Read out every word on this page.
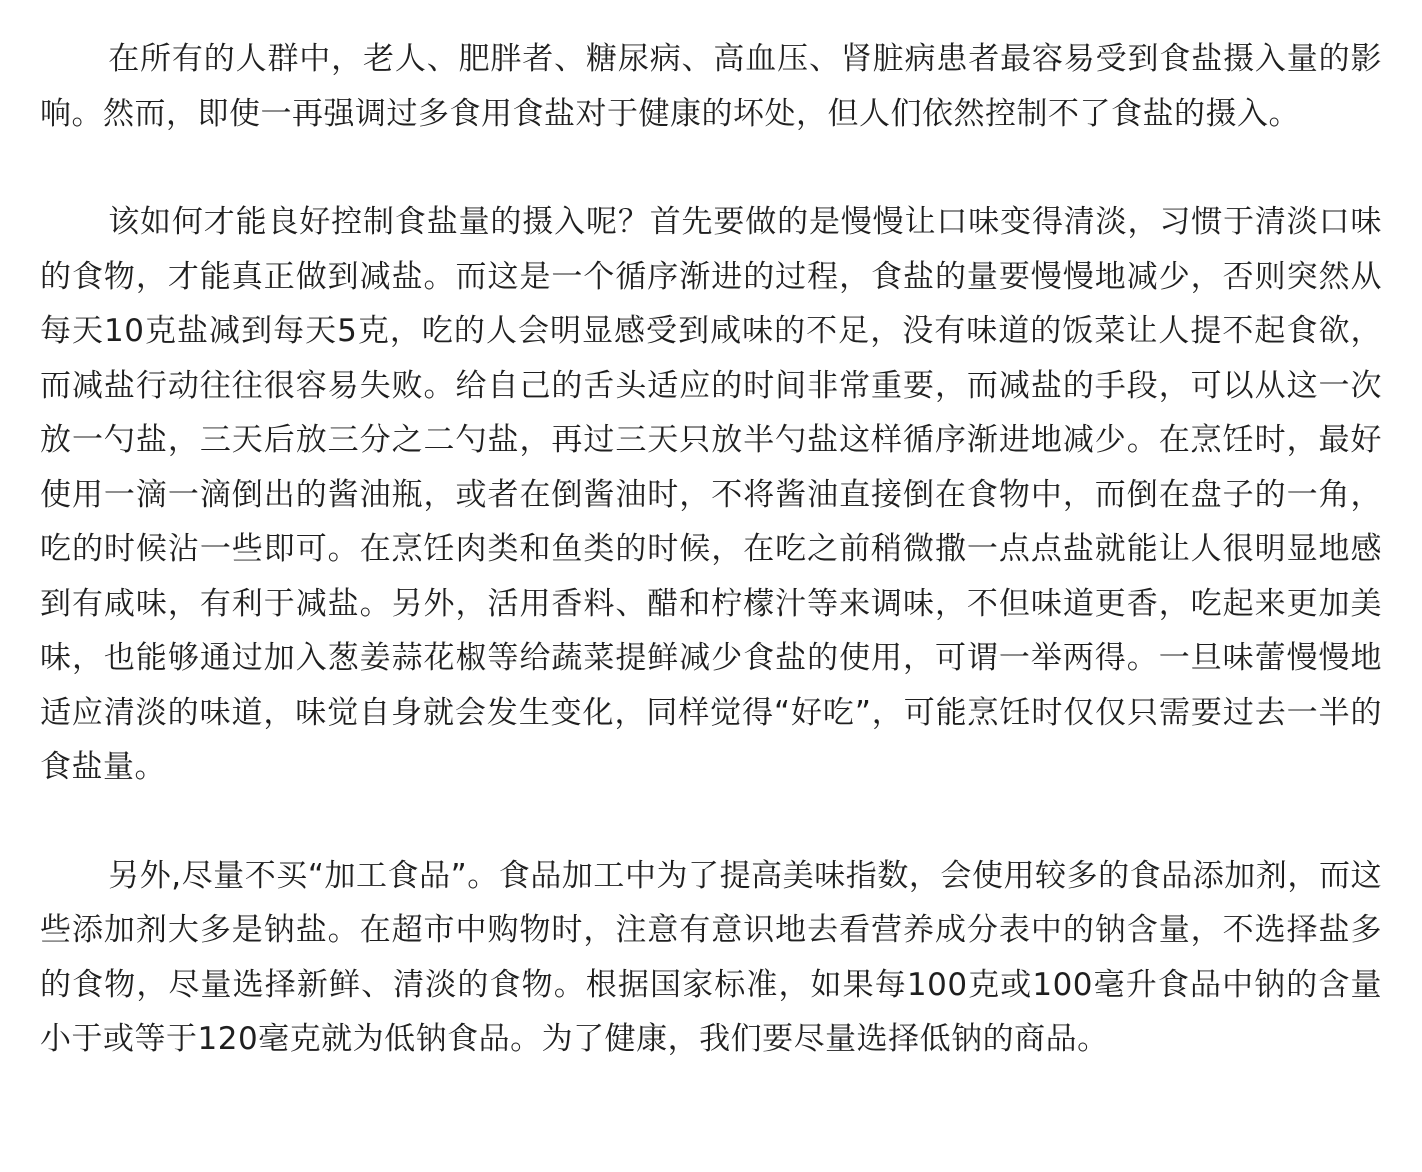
在所有的人群中，老人、肥胖者、糖尿病、高血压、肾脏病患者最容易受到食盐摄入量的影响。然而，即使一再强调过多食用食盐对于健康的坏处，但人们依然控制不了食盐的摄入。

该如何才能良好控制食盐量的摄入呢？首先要做的是慢慢让口味变得清淡，习惯于清淡口味的食物，才能真正做到减盐。而这是一个循序渐进的过程，食盐的量要慢慢地减少，否则突然从每天10克盐减到每天5克，吃的人会明显感受到咸味的不足，没有味道的饭菜让人提不起食欲，而减盐行动往往很容易失败。给自己的舌头适应的时间非常重要，而减盐的手段，可以从这一次放一勺盐，三天后放三分之二勺盐，再过三天只放半勺盐这样循序渐进地减少。在烹饪时，最好使用一滴一滴倒出的酱油瓶，或者在倒酱油时，不将酱油直接倒在食物中，而倒在盘子的一角，吃的时候沾一些即可。在烹饪肉类和鱼类的时候，在吃之前稍微撒一点点盐就能让人很明显地感到有咸味，有利于减盐。另外，活用香料、醋和柠檬汁等来调味，不但味道更香，吃起来更加美味，也能够通过加入葱姜蒜花椒等给蔬菜提鲜减少食盐的使用，可谓一举两得。一旦味蕾慢慢地适应清淡的味道，味觉自身就会发生变化，同样觉得“好吃”，可能烹饪时仅仅只需要过去一半的食盐量。

另外,尽量不买“加工食品”。食品加工中为了提高美味指数，会使用较多的食品添加剂，而这些添加剂大多是钠盐。在超市中购物时，注意有意识地去看营养成分表中的钠含量，不选择盐多的食物，尽量选择新鲜、清淡的食物。根据国家标准，如果每100克或100毫升食品中钠的含量小于或等于120毫克就为低钠食品。为了健康，我们要尽量选择低钠的商品。
